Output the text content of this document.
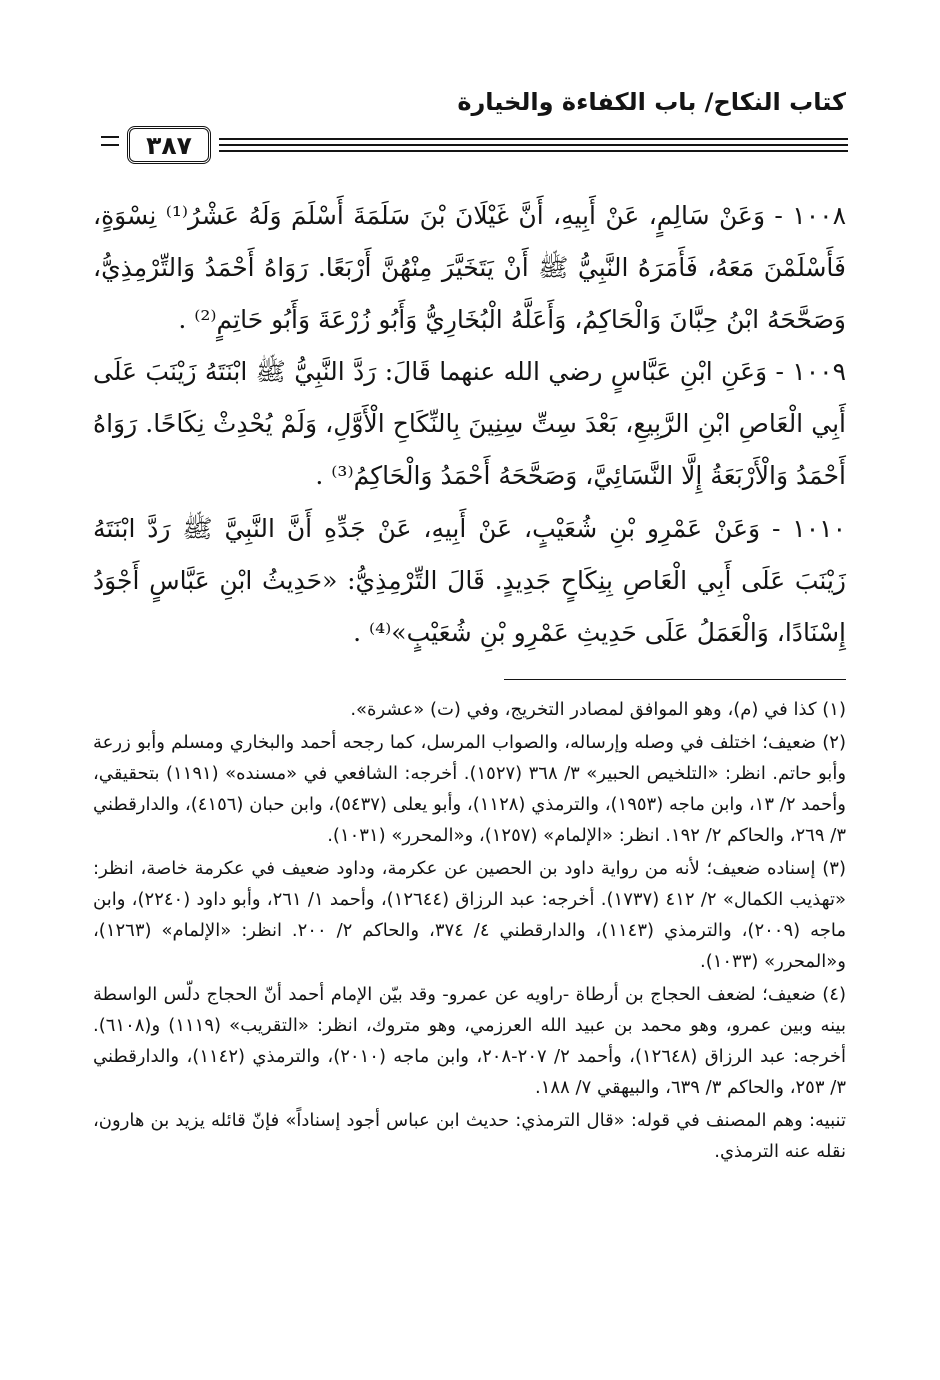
كتاب النكاح/ باب الكفاءة والخيارة
٣٨٧
١٠٠٨ - وَعَنْ سَالِمٍ، عَنْ أَبِيهِ، أَنَّ غَيْلَانَ بْنَ سَلَمَةَ أَسْلَمَ وَلَهُ عَشْرُ⁽¹⁾ نِسْوَةٍ، فَأَسْلَمْنَ مَعَهُ، فَأَمَرَهُ النَّبِيُّ ﷺ أَنْ يَتَخَيَّرَ مِنْهُنَّ أَرْبَعًا. رَوَاهُ أَحْمَدُ وَالتِّرْمِذِيُّ، وَصَحَّحَهُ ابْنُ حِبَّانَ وَالْحَاكِمُ، وَأَعَلَّهُ الْبُخَارِيُّ وَأَبُو زُرْعَةَ وَأَبُو حَاتِمٍ⁽²⁾ .
١٠٠٩ - وَعَنِ ابْنِ عَبَّاسٍ رضي الله عنهما قَالَ: رَدَّ النَّبِيُّ ﷺ ابْنَتَهُ زَيْنَبَ عَلَى أَبِي الْعَاصِ ابْنِ الرَّبِيعِ، بَعْدَ سِتِّ سِنِينَ بِالنِّكَاحِ الْأَوَّلِ، وَلَمْ يُحْدِثْ نِكَاحًا. رَوَاهُ أَحْمَدُ وَالْأَرْبَعَةُ إِلَّا النَّسَائِيَّ، وَصَحَّحَهُ أَحْمَدُ وَالْحَاكِمُ⁽³⁾ .
١٠١٠ - وَعَنْ عَمْرِو بْنِ شُعَيْبٍ، عَنْ أَبِيهِ، عَنْ جَدِّهِ أَنَّ النَّبِيَّ ﷺ رَدَّ ابْنَتَهُ زَيْنَبَ عَلَى أَبِي الْعَاصِ بِنِكَاحٍ جَدِيدٍ. قَالَ التِّرْمِذِيُّ: «حَدِيثُ ابْنِ عَبَّاسٍ أَجْوَدُ إِسْنَادًا، وَالْعَمَلُ عَلَى حَدِيثِ عَمْرِو بْنِ شُعَيْبٍ»⁽⁴⁾ .
(١) كذا في (م)، وهو الموافق لمصادر التخريج، وفي (ت) «عشرة».
(٢) ضعيف؛ اختلف في وصله وإرساله، والصواب المرسل، كما رجحه أحمد والبخاري ومسلم وأبو زرعة وأبو حاتم. انظر: «التلخيص الحبير» ٣/ ٣٦٨ (١٥٢٧). أخرجه: الشافعي في «مسنده» (١١٩١) بتحقيقي، وأحمد ٢/ ١٣، وابن ماجه (١٩٥٣)، والترمذي (١١٢٨)، وأبو يعلى (٥٤٣٧)، وابن حبان (٤١٥٦)، والدارقطني ٣/ ٢٦٩، والحاكم ٢/ ١٩٢. انظر: «الإلمام» (١٢٥٧)، و«المحرر» (١٠٣١).
(٣) إسناده ضعيف؛ لأنه من رواية داود بن الحصين عن عكرمة، وداود ضعيف في عكرمة خاصة، انظر: «تهذيب الكمال» ٢/ ٤١٢ (١٧٣٧). أخرجه: عبد الرزاق (١٢٦٤٤)، وأحمد ١/ ٢٦١، وأبو داود (٢٢٤٠)، وابن ماجه (٢٠٠٩)، والترمذي (١١٤٣)، والدارقطني ٤/ ٣٧٤، والحاكم ٢/ ٢٠٠. انظر: «الإلمام» (١٢٦٣)، و«المحرر» (١٠٣٣).
(٤) ضعيف؛ لضعف الحجاج بن أرطاة -راويه عن عمرو- وقد بيّن الإمام أحمد أنّ الحجاج دلّس الواسطة بينه وبين عمرو، وهو محمد بن عبيد الله العرزمي، وهو متروك، انظر: «التقريب» (١١١٩) و(٦١٠٨). أخرجه: عبد الرزاق (١٢٦٤٨)، وأحمد ٢/ ٢٠٧-٢٠٨، وابن ماجه (٢٠١٠)، والترمذي (١١٤٢)، والدارقطني ٣/ ٢٥٣، والحاكم ٣/ ٦٣٩، والبيهقي ٧/ ١٨٨.
تنبيه: وهم المصنف في قوله: «قال الترمذي: حديث ابن عباس أجود إسناداً» فإنّ قائله يزيد بن هارون، نقله عنه الترمذي.
